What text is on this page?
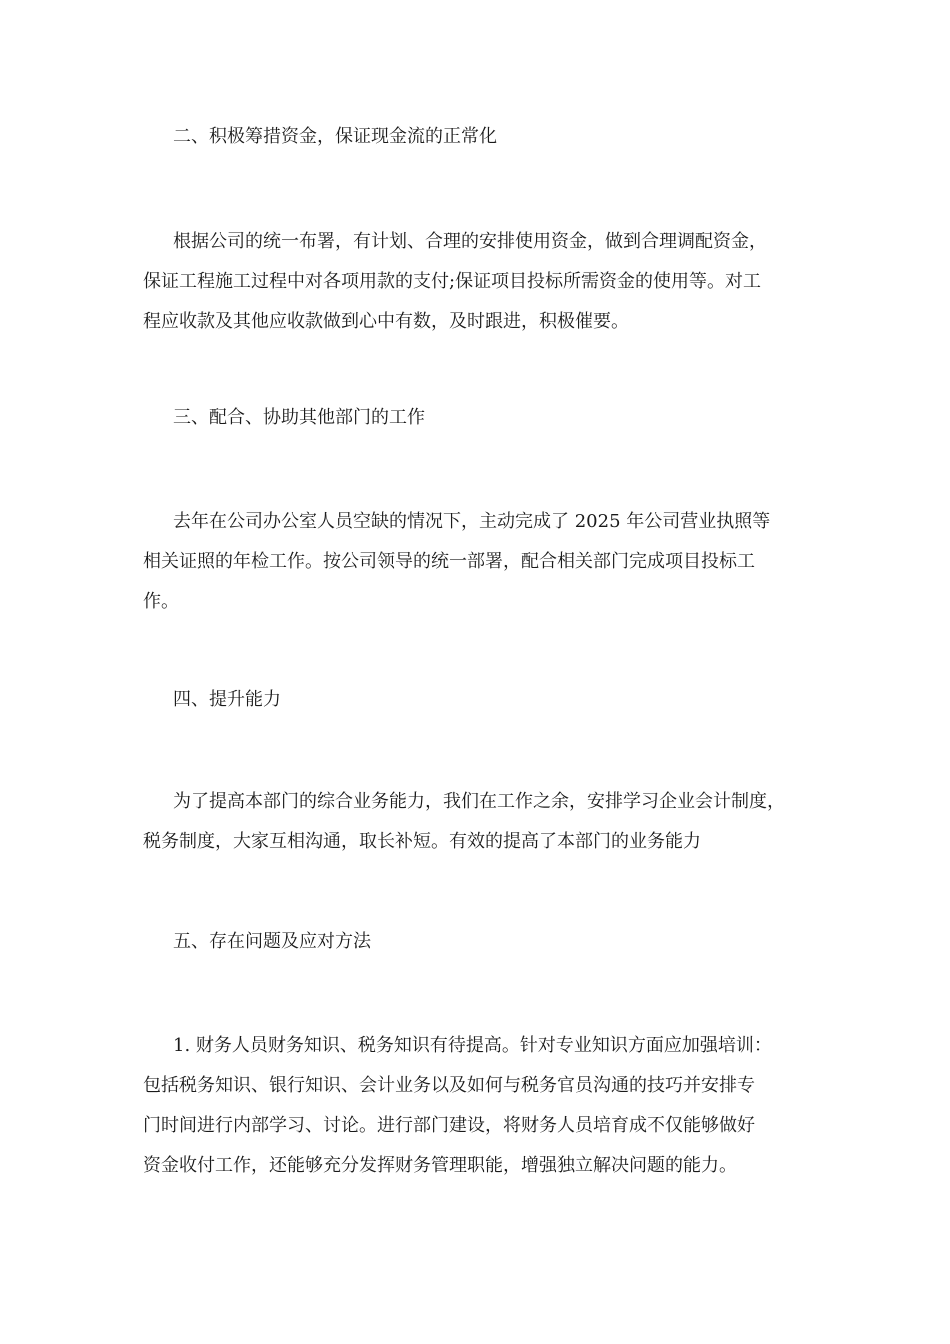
二、积极筹措资金，保证现金流的正常化
根据公司的统一布署，有计划、合理的安排使用资金，做到合理调配资金，
保证工程施工过程中对各项用款的支付;保证项目投标所需资金的使用等。对工
程应收款及其他应收款做到心中有数，及时跟进，积极催要。
三、配合、协助其他部门的工作
去年在公司办公室人员空缺的情况下，主动完成了 2025 年公司营业执照等
相关证照的年检工作。按公司领导的统一部署，配合相关部门完成项目投标工
作。
四、提升能力
为了提高本部门的综合业务能力，我们在工作之余，安排学习企业会计制度，
税务制度，大家互相沟通，取长补短。有效的提高了本部门的业务能力
五、存在问题及应对方法
1. 财务人员财务知识、税务知识有待提高。针对专业知识方面应加强培训：
包括税务知识、银行知识、会计业务以及如何与税务官员沟通的技巧并安排专
门时间进行内部学习、讨论。进行部门建设，将财务人员培育成不仅能够做好
资金收付工作，还能够充分发挥财务管理职能，增强独立解决问题的能力。
